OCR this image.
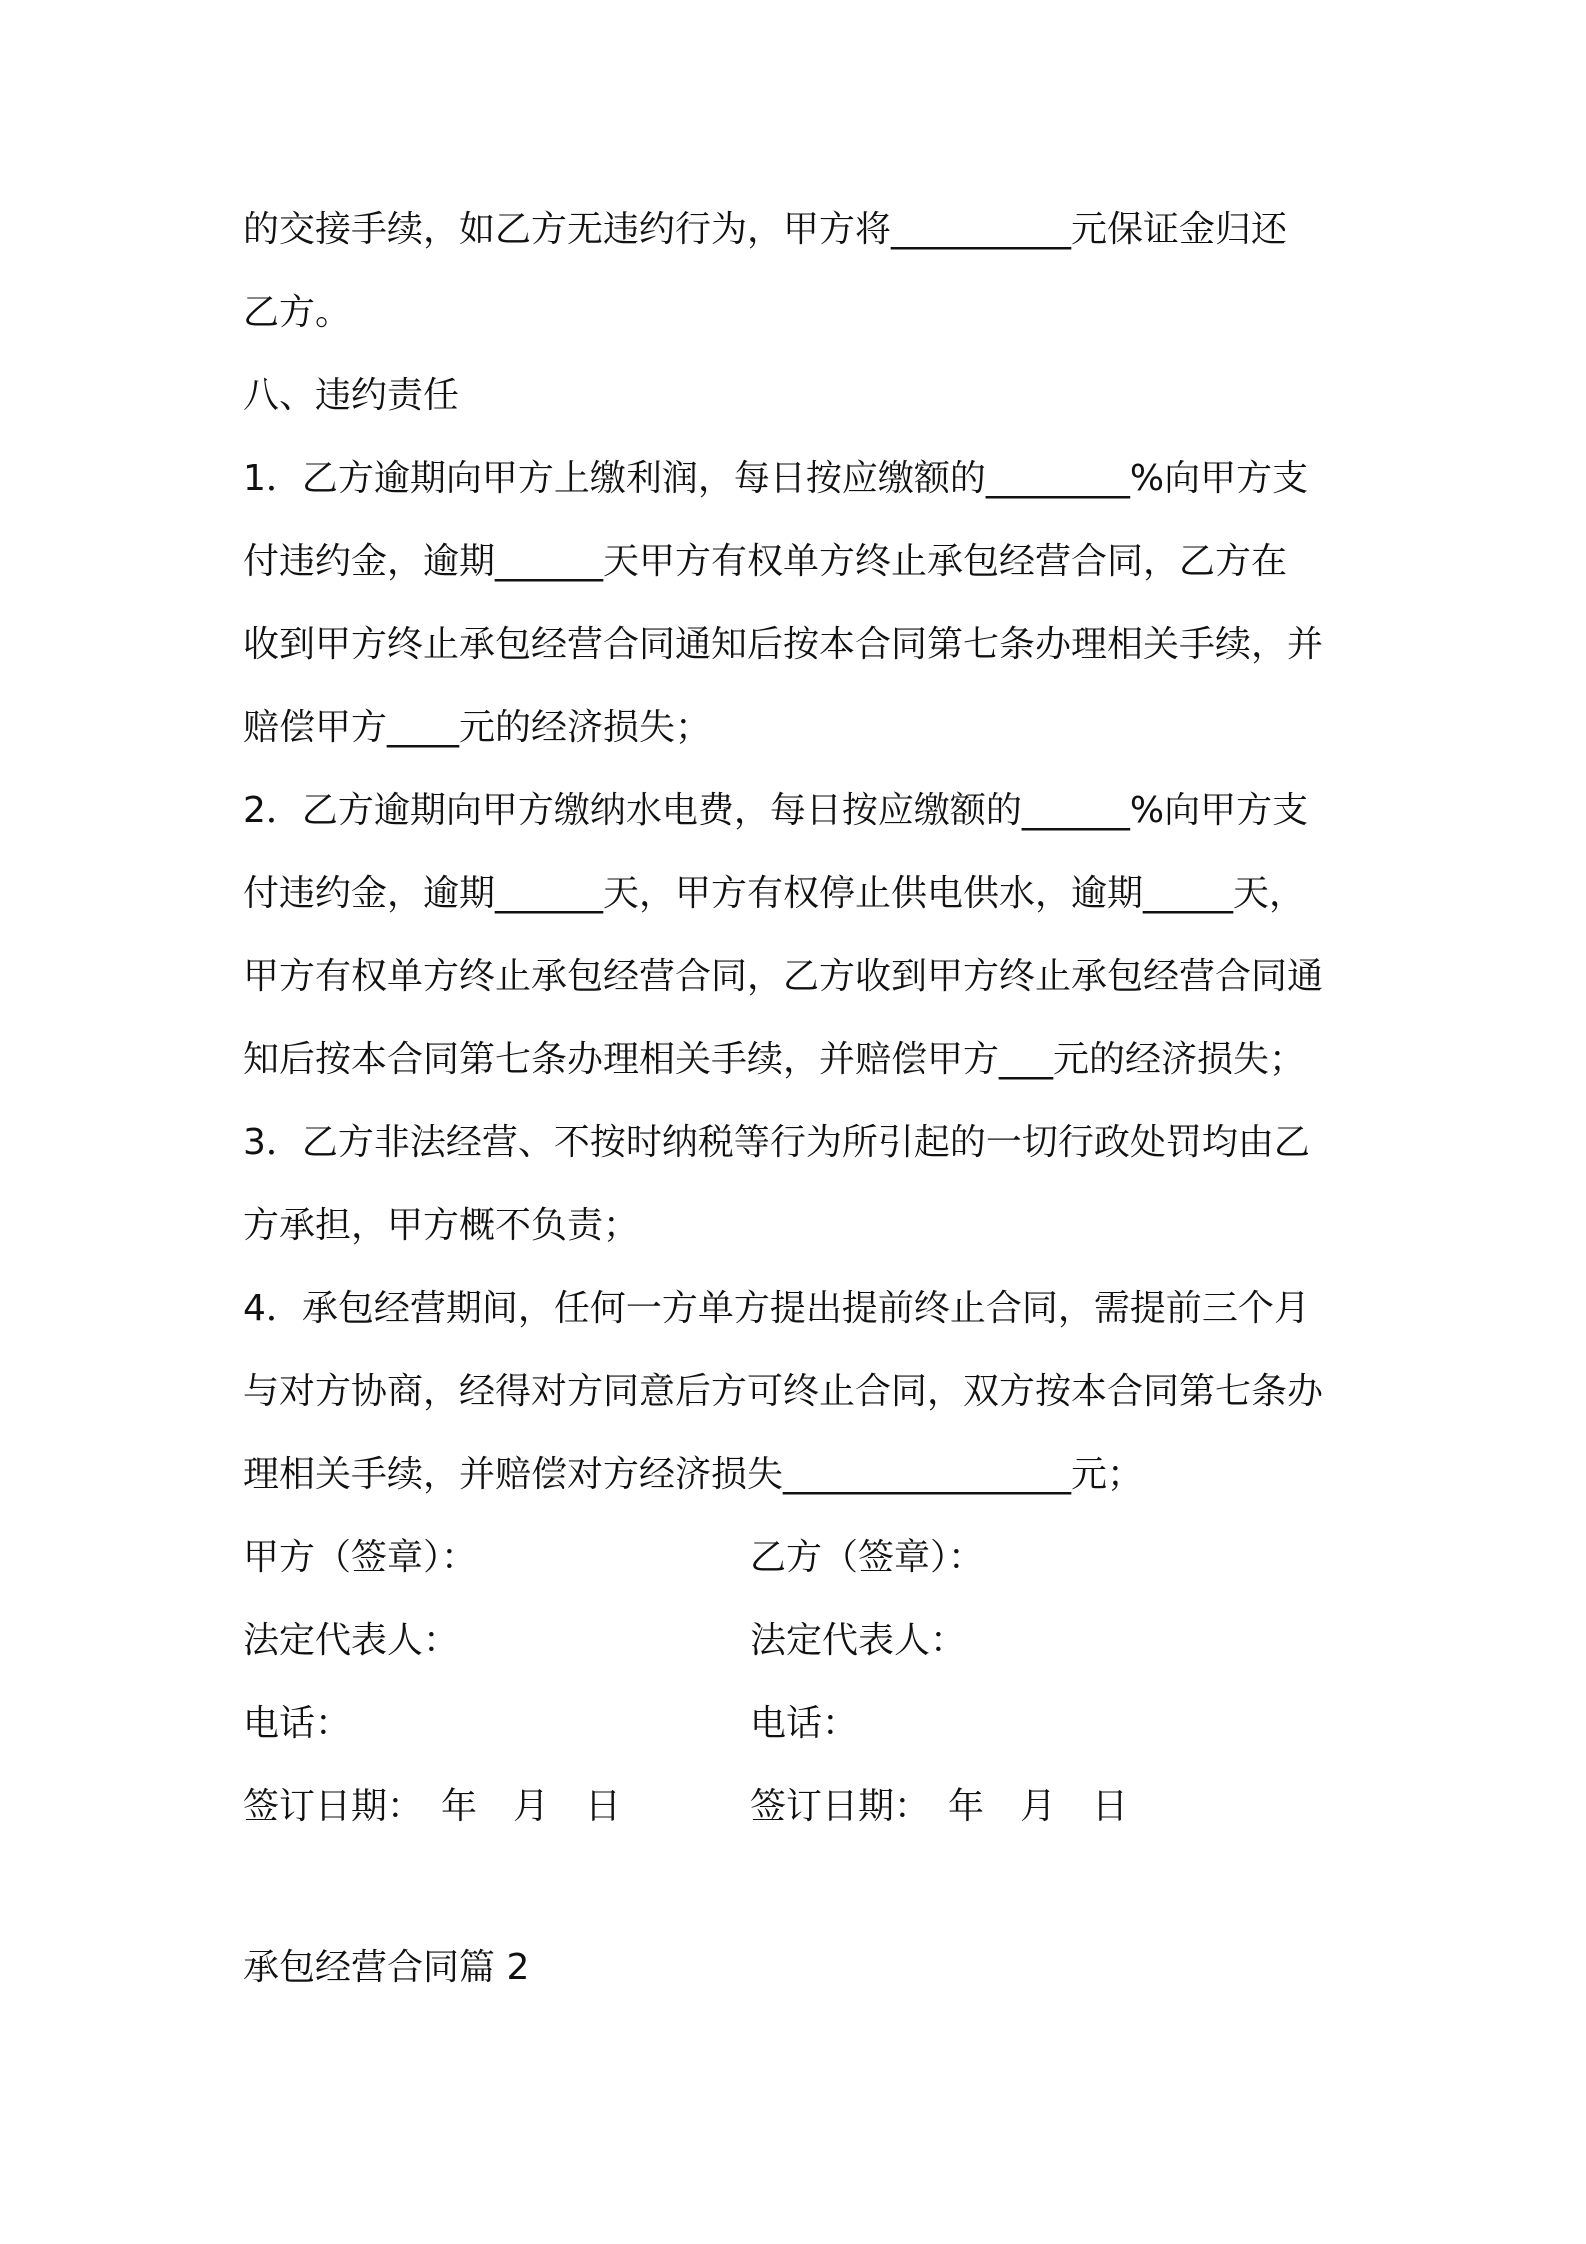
的交接手续，如乙方无违约行为，甲方将__________元保证金归还
乙方。
八、违约责任
1．乙方逾期向甲方上缴利润，每日按应缴额的________%向甲方支
付违约金，逾期______天甲方有权单方终止承包经营合同，乙方在
收到甲方终止承包经营合同通知后按本合同第七条办理相关手续，并
赔偿甲方____元的经济损失；
2．乙方逾期向甲方缴纳水电费，每日按应缴额的______%向甲方支
付违约金，逾期______天，甲方有权停止供电供水，逾期_____天，
甲方有权单方终止承包经营合同，乙方收到甲方终止承包经营合同通
知后按本合同第七条办理相关手续，并赔偿甲方___元的经济损失；
3．乙方非法经营、不按时纳税等行为所引起的一切行政处罚均由乙
方承担，甲方概不负责；
4．承包经营期间，任何一方单方提出提前终止合同，需提前三个月
与对方协商，经得对方同意后方可终止合同，双方按本合同第七条办
理相关手续，并赔偿对方经济损失________________元；
甲方（签章）：	乙方（签章）：
法定代表人：	法定代表人：
电话：	电话：
签订日期：　年　月　日	签订日期：　年　月　日
承包经营合同篇 2
